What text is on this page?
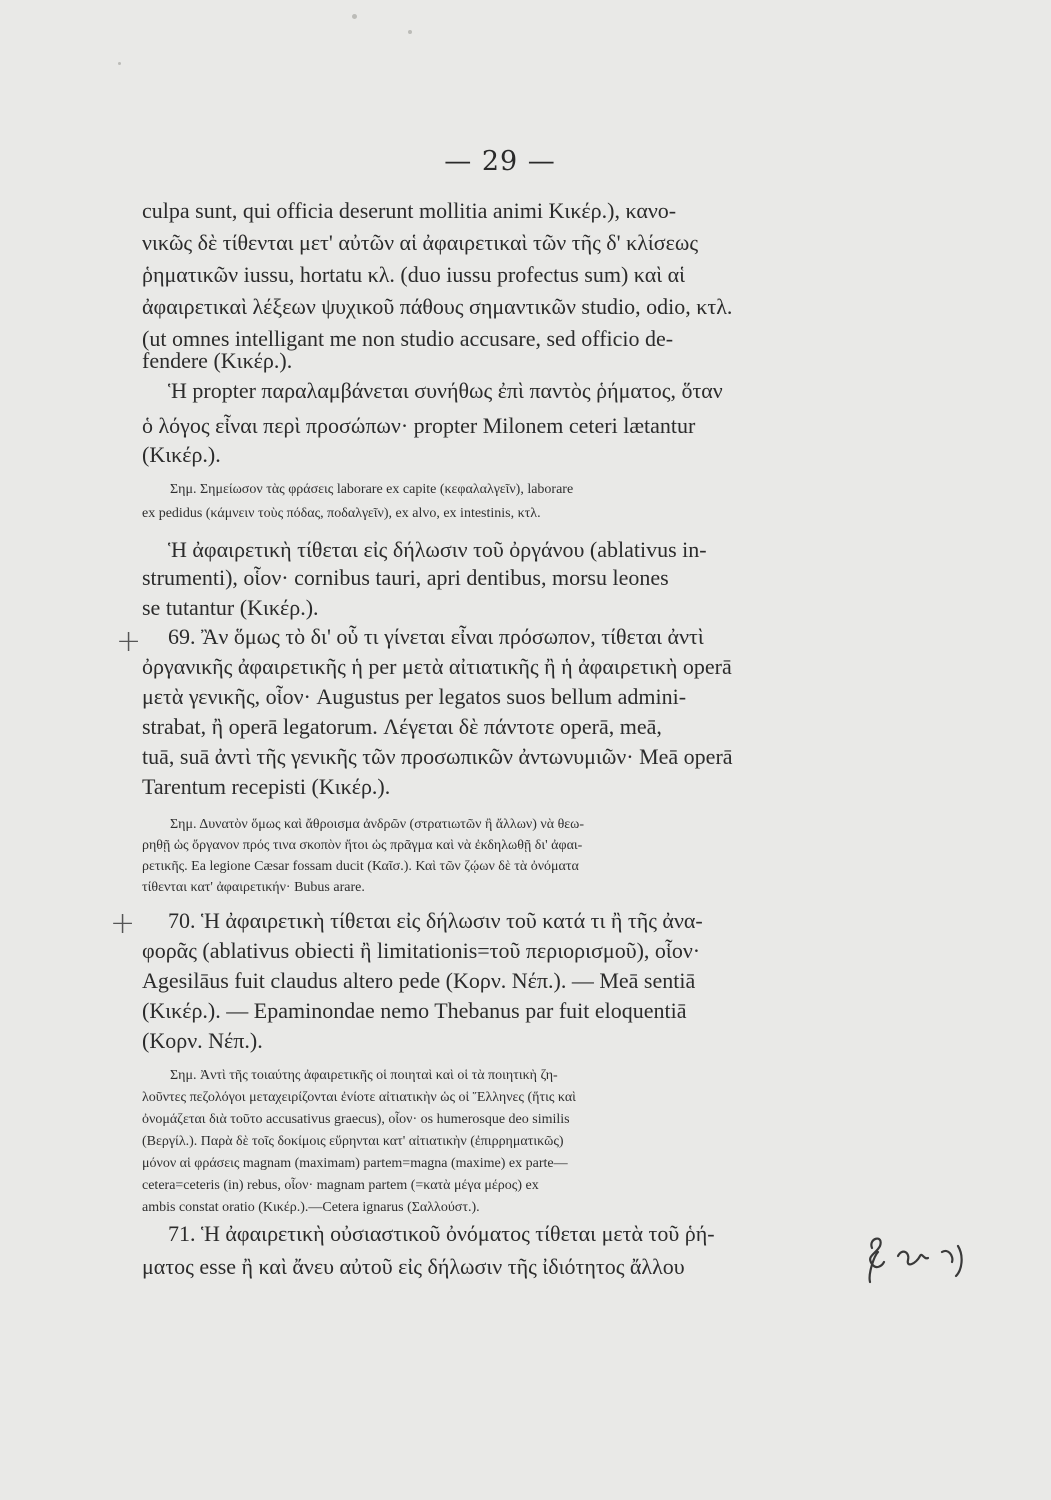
— 29 —
culpa sunt, qui officia deserunt mollitia animi Κικέρ.), κανο-
νικῶς δὲ τίθενται μετ' αὐτῶν αἱ ἀφαιρετικαὶ τῶν τῆς δ' κλίσεως
ῥηματικῶν iussu, hortatu κλ. (duo iussu profectus sum) καὶ αἱ
ἀφαιρετικαὶ λέξεων ψυχικοῦ πάθους σημαντικῶν studio, odio, κτλ.
(ut omnes intelligant me non studio accusare, sed officio de-
fendere (Κικέρ.).
Ἡ propter παραλαμβάνεται συνήθως ἐπὶ παντὸς ῥήματος, ὅταν
ὁ λόγος εἶναι περὶ προσώπων· propter Milonem ceteri lætantur
(Κικέρ.).
Σημ. Σημείωσον τὰς φράσεις laborare ex capite (κεφαλαλγεῖν), laborare
ex pedidus (κάμνειν τοὺς πόδας, ποδαλγεῖν), ex alvo, ex intestinis, κτλ.
Ἡ ἀφαιρετικὴ τίθεται εἰς δήλωσιν τοῦ ὀργάνου (ablativus in-
strumenti), οἷον· cornibus tauri, apri dentibus, morsu leones
se tutantur (Κικέρ.).
+ 69. Ἂν ὅμως τὸ δι' οὗ τι γίνεται εἶναι πρόσωπον, τίθεται ἀντὶ
ὀργανικῆς ἀφαιρετικῆς ἡ per μετὰ αἰτιατικῆς ἢ ἡ ἀφαιρετικὴ operā
μετὰ γενικῆς, οἷον· Augustus per legatos suos bellum admini-
strabat, ἢ operā legatorum. Λέγεται δὲ πάντοτε operā, meā,
tuā, suā ἀντὶ τῆς γενικῆς τῶν προσωπικῶν ἀντωνυμιῶν· Meā operā
Tarentum recepisti (Κικέρ.).
Σημ. Δυνατὸν ὅμως καὶ ἄθροισμα ἀνδρῶν (στρατιωτῶν ἢ ἄλλων) νὰ θεω-
ρηθῇ ὡς ὄργανον πρός τινα σκοπὸν ἤτοι ὡς πρᾶγμα καὶ νὰ ἐκδηλωθῇ δι' ἀφαι-
ρετικῆς. Ea legione Cæsar fossam ducit (Καῖσ.). Καὶ τῶν ζῴων δὲ τὰ ὀνόματα
τίθενται κατ' ἀφαιρετικήν· Bubus arare.
+ 70. Ἡ ἀφαιρετικὴ τίθεται εἰς δήλωσιν τοῦ κατά τι ἢ τῆς ἀνα-
φορᾶς (ablativus obiecti ἢ limitationis=τοῦ περιορισμοῦ), οἷον·
Agesilāus fuit claudus altero pede (Κορν. Νέπ.). — Meā sentiā
(Κικέρ.). — Epaminondae nemo Thebanus par fuit eloquentiā
(Κορν. Νέπ.).
Σημ. Ἀντὶ τῆς τοιαύτης ἀφαιρετικῆς οἱ ποιηταὶ καὶ οἱ τὰ ποιητικὴ ζη-
λοῦντες πεζολόγοι μεταχειρίζονται ἐνίοτε αἰτιατικὴν ὡς οἱ Ἕλληνες (ἥτις καὶ
ὀνομάζεται διὰ τοῦτο accusativus graecus), οἷον· os humerosque deo similis
(Βεργίλ.). Παρὰ δὲ τοῖς δοκίμοις εὕρηνται κατ' αἰτιατικὴν (ἐπιρρηματικῶς)
μόνον αἱ φράσεις magnam (maximam) partem=magna (maxime) ex parte—
cetera=ceteris (in) rebus, οἷον· magnam partem (=κατὰ μέγα μέρος) ex
ambis constat oratio (Κικέρ.).—Cetera ignarus (Σαλλούστ.).
71. Ἡ ἀφαιρετικὴ οὐσιαστικοῦ ὀνόματος τίθεται μετὰ τοῦ ῥή-
ματος esse ἢ καὶ ἄνευ αὐτοῦ εἰς δήλωσιν τῆς ἰδιότητος ἄλλου
